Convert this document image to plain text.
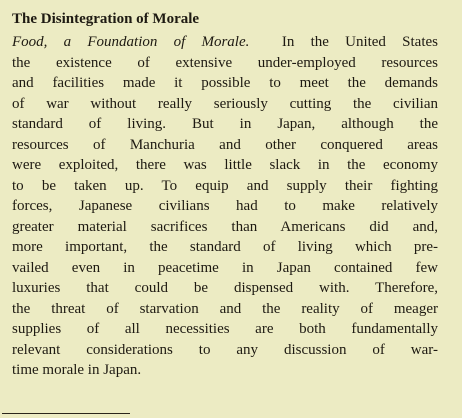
The Disintegration of Morale
Food, a Foundation of Morale. In the United States
the existence of extensive under-employed resources
and facilities made it possible to meet the demands
of war without really seriously cutting the civilian
standard of living. But in Japan, although the
resources of Manchuria and other conquered areas
were exploited, there was little slack in the economy
to be taken up. To equip and supply their fighting
forces, Japanese civilians had to make relatively
greater material sacrifices than Americans did and,
more important, the standard of living which pre-
vailed even in peacetime in Japan contained few
luxuries that could be dispensed with. Therefore,
the threat of starvation and the reality of meager
supplies of all necessities are both fundamentally
relevant considerations to any discussion of war-
time morale in Japan.
